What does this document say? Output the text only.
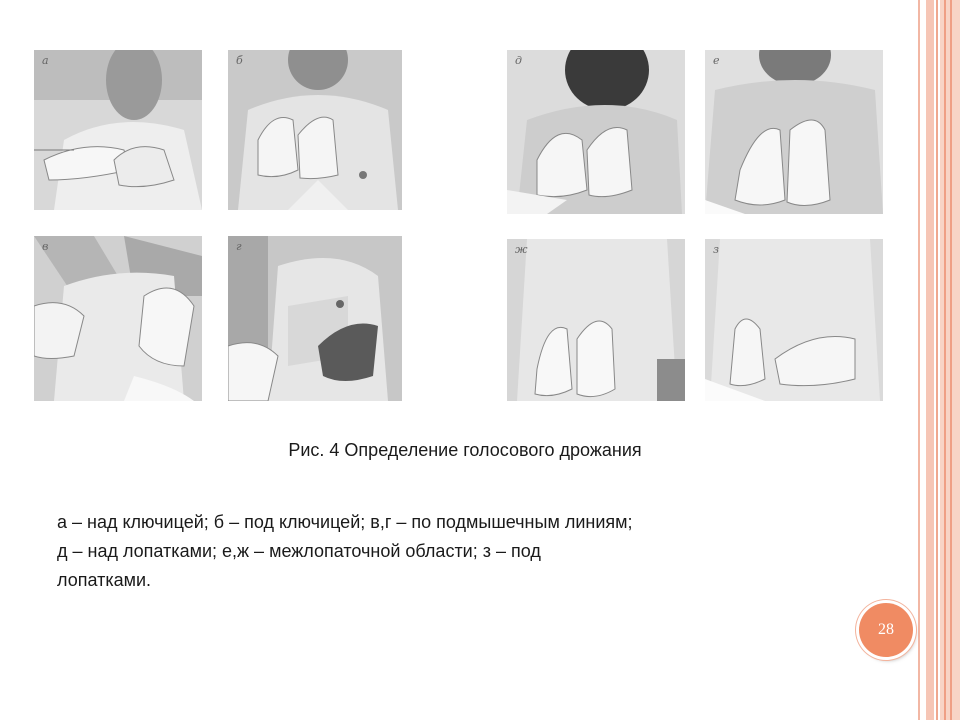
а	б
в	г
д	е
ж	з
Рис. 4 Определение голосового дрожания
а – над ключицей; б – под ключицей; в,г – по подмышечным линиям;
д – над лопатками; е,ж – межлопаточной области; з – под
лопатками.
28
